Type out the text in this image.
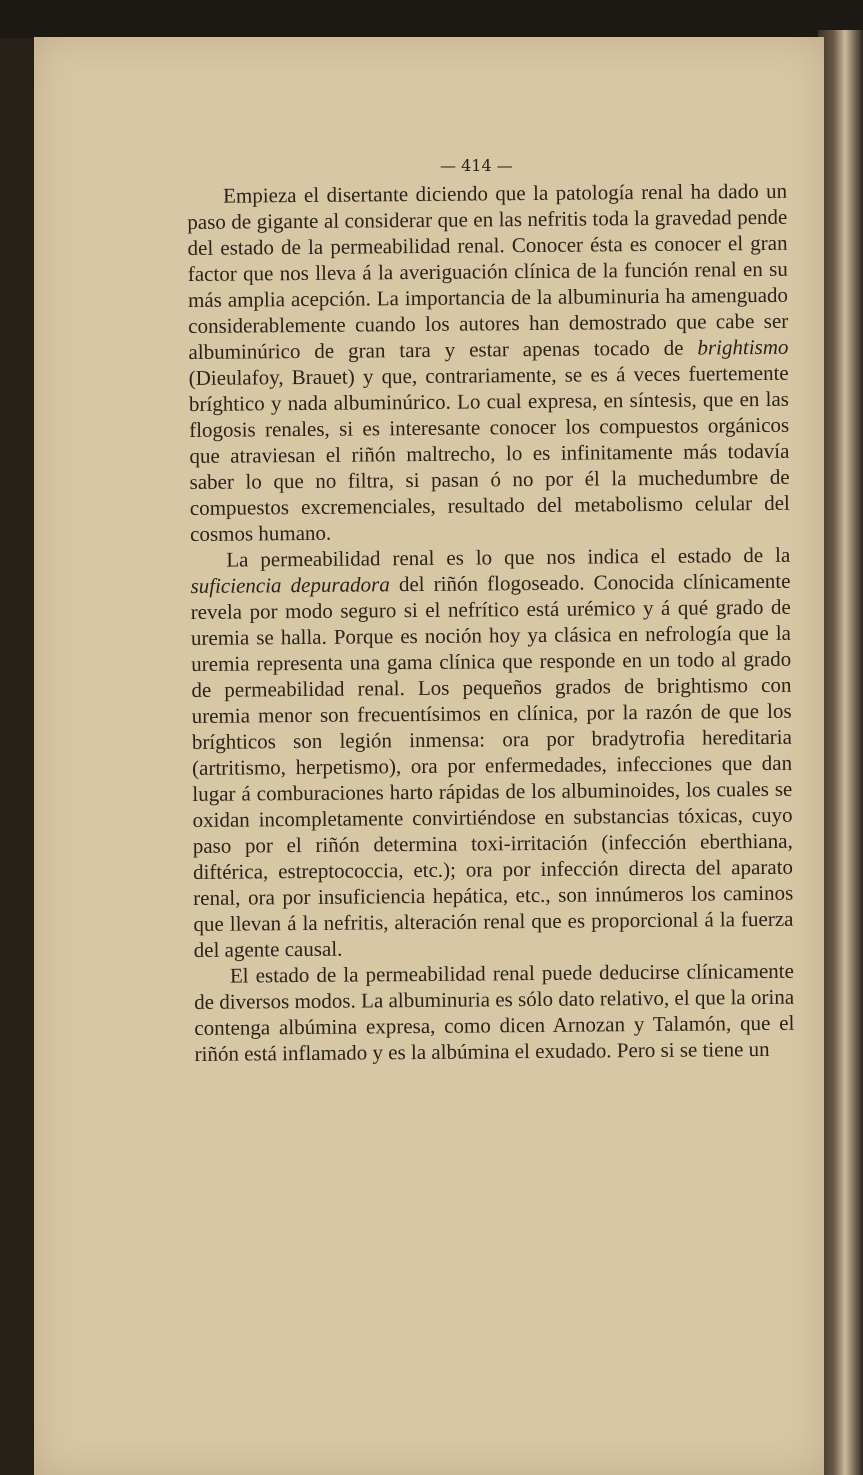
— 414 —

Empieza el disertante diciendo que la patología renal ha dado un paso de gigante al considerar que en las nefritis toda la gravedad pende del estado de la permeabilidad renal. Conocer ésta es conocer el gran factor que nos lleva á la averiguación clínica de la función renal en su más amplia acepción. La importancia de la albuminuria ha amenguado considerablemente cuando los autores han demostrado que cabe ser albuminúrico de gran tara y estar apenas tocado de brightismo (Dieulafoy, Brauet) y que, contrariamente, se es á veces fuertemente bríghtico y nada albuminúrico. Lo cual expresa, en síntesis, que en las flogosis renales, si es interesante conocer los compuestos orgánicos que atraviesan el riñón maltrecho, lo es infinitamente más todavía saber lo que no filtra, si pasan ó no por él la muchedumbre de compuestos excremenciales, resultado del metabolismo celular del cosmos humano.

La permeabilidad renal es lo que nos indica el estado de la suficiencia depuradora del riñón flogoseado. Conocida clínicamente revela por modo seguro si el nefrítico está urémico y á qué grado de uremia se halla. Porque es noción hoy ya clásica en nefrología que la uremia representa una gama clínica que responde en un todo al grado de permeabilidad renal. Los pequeños grados de brightismo con uremia menor son frecuentísimos en clínica, por la razón de que los bríghticos son legión inmensa: ora por bradytrofia hereditaria (artritismo, herpetismo), ora por enfermedades, infecciones que dan lugar á comburaciones harto rápidas de los albuminoides, los cuales se oxidan incompletamente convirtiéndose en substancias tóxicas, cuyo paso por el riñón determina toxi-irritación (infección eberthiana, diftérica, estreptococcia, etc.); ora por infección directa del aparato renal, ora por insuficiencia hepática, etc., son innúmeros los caminos que llevan á la nefritis, alteración renal que es proporcional á la fuerza del agente causal.

El estado de la permeabilidad renal puede deducirse clínicamente de diversos modos. La albuminuria es sólo dato relativo, el que la orina contenga albúmina expresa, como dicen Arnozan y Talamón, que el riñón está inflamado y es la albúmina el exudado. Pero si se tiene un
